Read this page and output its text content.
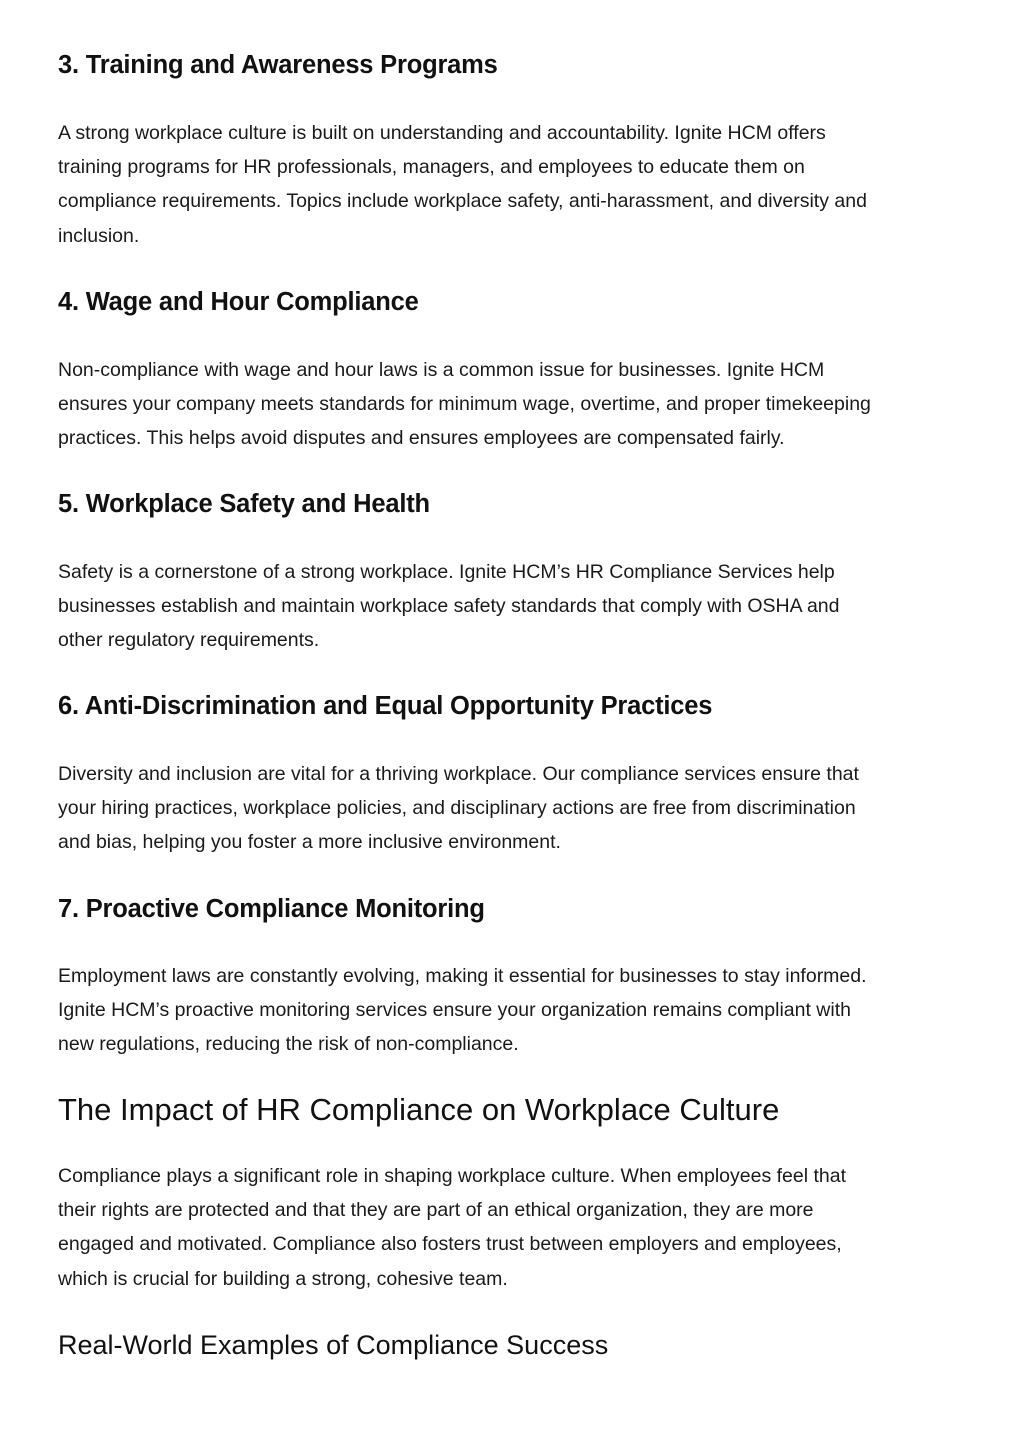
3. Training and Awareness Programs
A strong workplace culture is built on understanding and accountability. Ignite HCM offers
training programs for HR professionals, managers, and employees to educate them on
compliance requirements. Topics include workplace safety, anti-harassment, and diversity and
inclusion.
4. Wage and Hour Compliance
Non-compliance with wage and hour laws is a common issue for businesses. Ignite HCM
ensures your company meets standards for minimum wage, overtime, and proper timekeeping
practices. This helps avoid disputes and ensures employees are compensated fairly.
5. Workplace Safety and Health
Safety is a cornerstone of a strong workplace. Ignite HCM’s HR Compliance Services help
businesses establish and maintain workplace safety standards that comply with OSHA and
other regulatory requirements.
6. Anti-Discrimination and Equal Opportunity Practices
Diversity and inclusion are vital for a thriving workplace. Our compliance services ensure that
your hiring practices, workplace policies, and disciplinary actions are free from discrimination
and bias, helping you foster a more inclusive environment.
7. Proactive Compliance Monitoring
Employment laws are constantly evolving, making it essential for businesses to stay informed.
Ignite HCM’s proactive monitoring services ensure your organization remains compliant with
new regulations, reducing the risk of non-compliance.
The Impact of HR Compliance on Workplace Culture
Compliance plays a significant role in shaping workplace culture. When employees feel that
their rights are protected and that they are part of an ethical organization, they are more
engaged and motivated. Compliance also fosters trust between employers and employees,
which is crucial for building a strong, cohesive team.
Real-World Examples of Compliance Success
